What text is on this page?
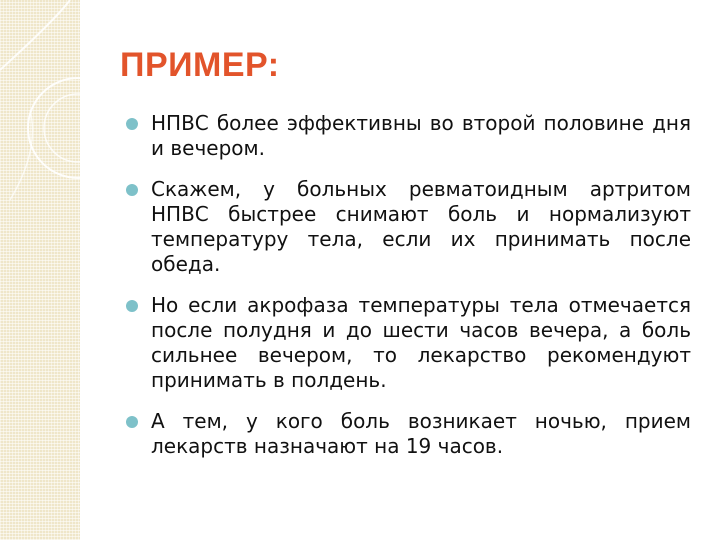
ПРИМЕР:
НПВС более эффективны во второй половине дня и вечером.
Скажем, у больных ревматоидным артритом НПВС быстрее снимают боль и нормализуют температуру тела, если их принимать после обеда.
Но если акрофаза температуры тела отмечается после полудня и до шести часов вечера, а боль сильнее вечером, то лекарство рекомендуют принимать в полдень.
А тем, у кого боль возникает ночью, прием лекарств назначают на 19 часов.
